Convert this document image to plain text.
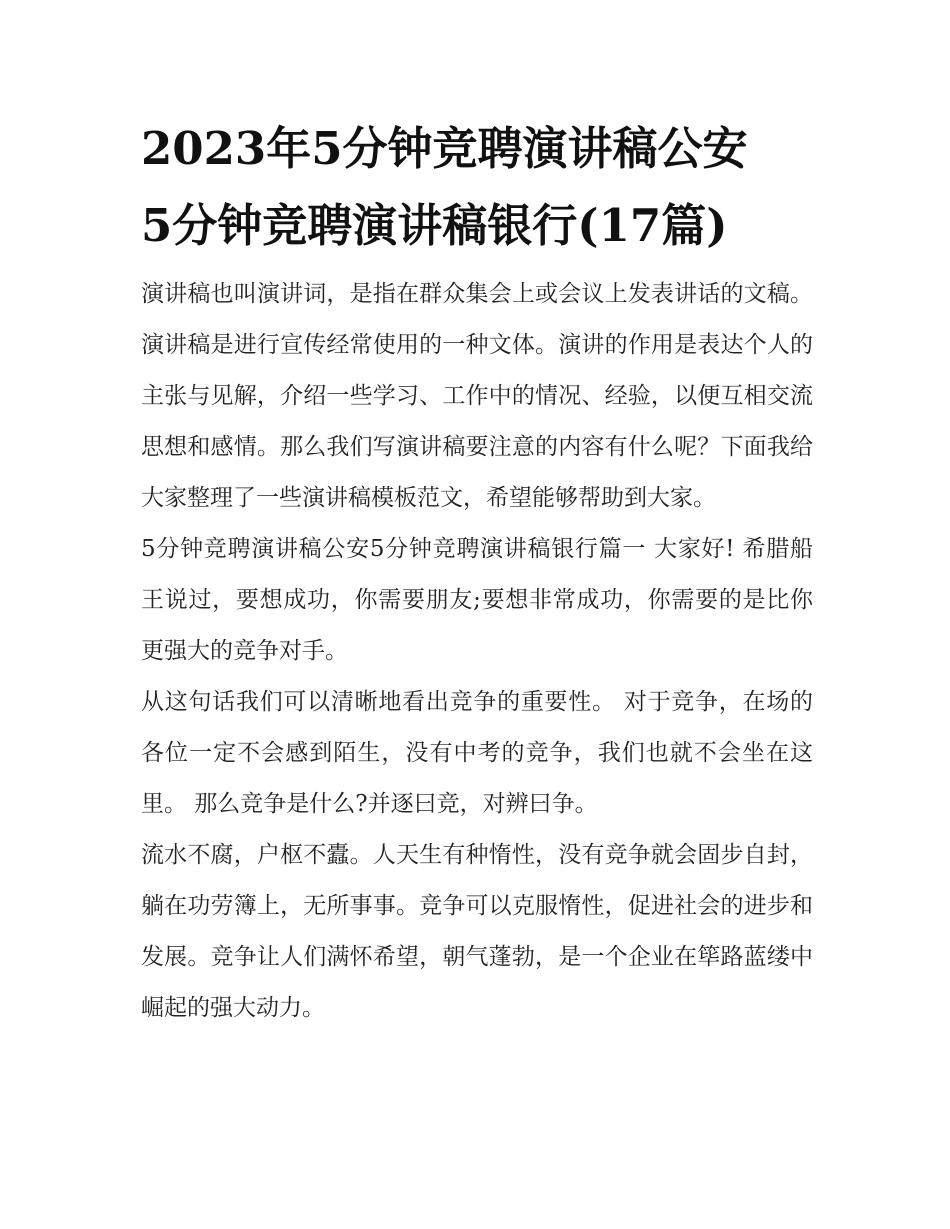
2023年5分钟竞聘演讲稿公安
5分钟竞聘演讲稿银行(17篇)

演讲稿也叫演讲词，是指在群众集会上或会议上发表讲话的文稿。演讲稿是进行宣传经常使用的一种文体。演讲的作用是表达个人的主张与见解，介绍一些学习、工作中的情况、经验，以便互相交流思想和感情。那么我们写演讲稿要注意的内容有什么呢？下面我给大家整理了一些演讲稿模板范文，希望能够帮助到大家。

5分钟竞聘演讲稿公安5分钟竞聘演讲稿银行篇一 大家好! 希腊船王说过，要想成功，你需要朋友;要想非常成功，你需要的是比你更强大的竞争对手。

从这句话我们可以清晰地看出竞争的重要性。 对于竞争，在场的各位一定不会感到陌生，没有中考的竞争，我们也就不会坐在这里。 那么竞争是什么?并逐曰竞，对辨曰争。

流水不腐，户枢不蠹。人天生有种惰性，没有竞争就会固步自封，躺在功劳簿上，无所事事。竞争可以克服惰性，促进社会的进步和发展。竞争让人们满怀希望，朝气蓬勃，是一个企业在筚路蓝缕中崛起的强大动力。
